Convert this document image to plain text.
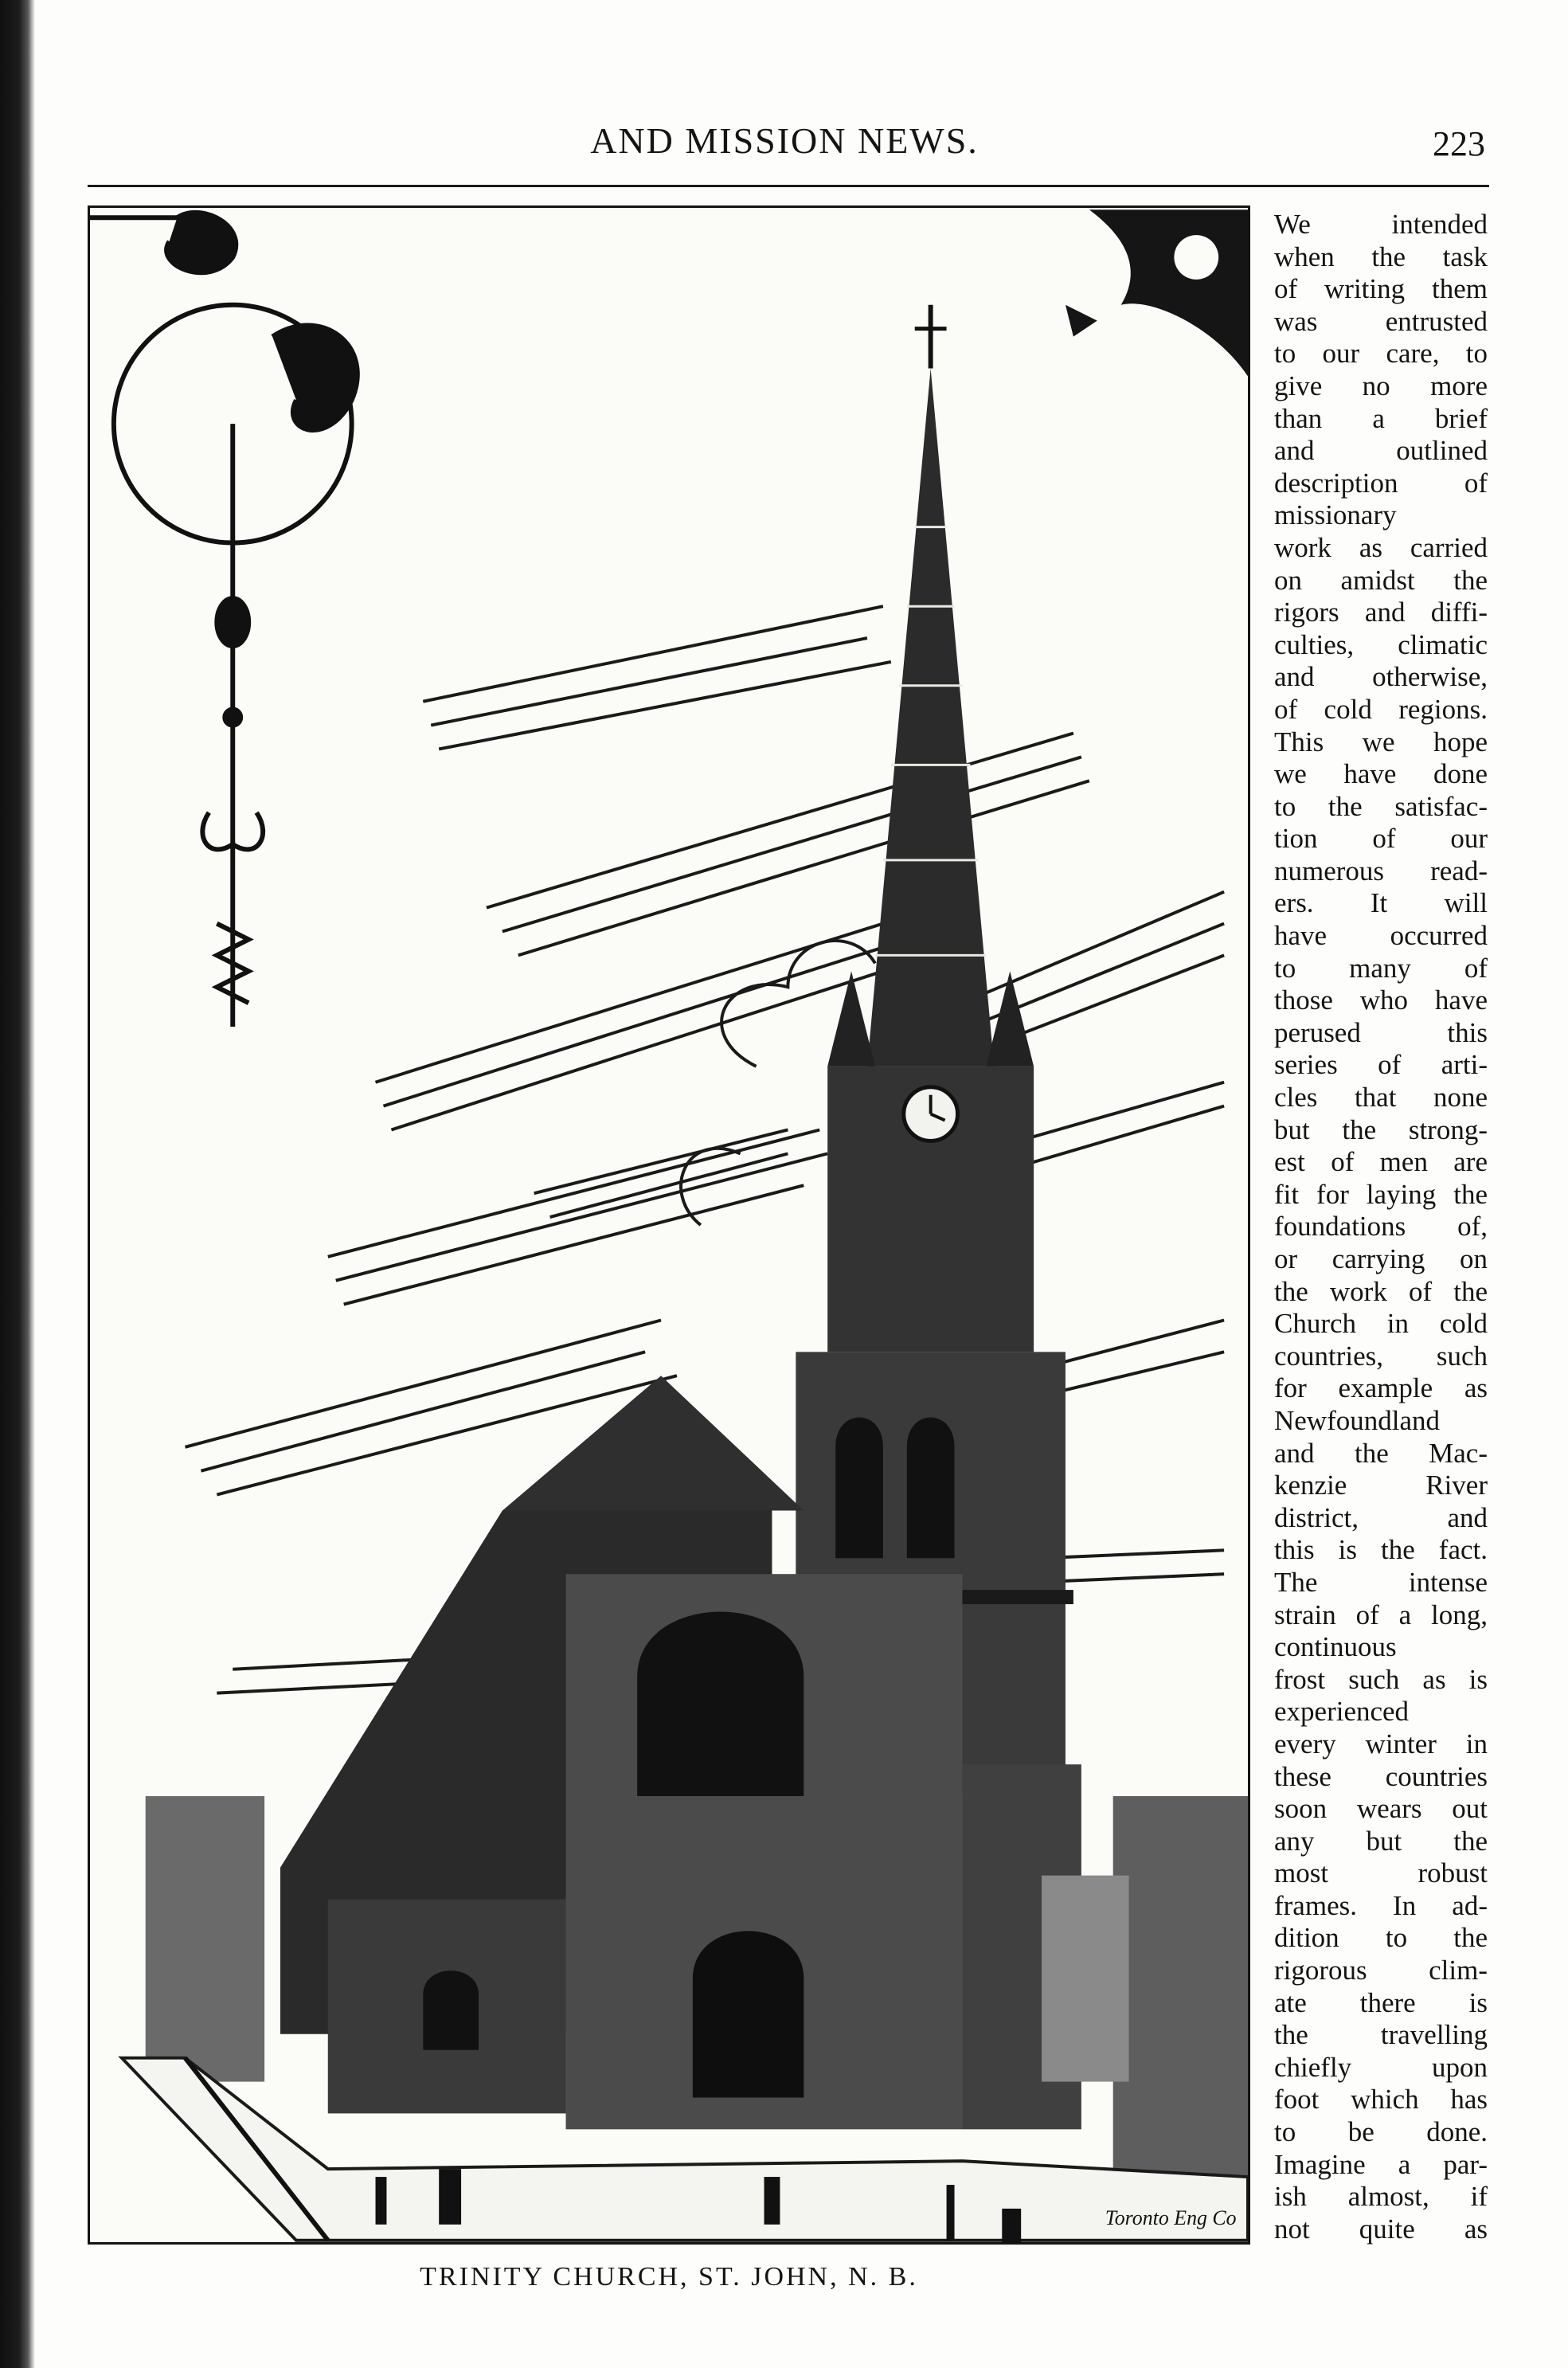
AND MISSION NEWS.	223
Toronto Eng Co
We intended
when the task
of writing them
was entrusted
to our care, to
give no more
than a brief
and outlined
description of
missionary
work as carried
on amidst the
rigors and diffi-
culties, climatic
and otherwise,
of cold regions.
This we hope
we have done
to the satisfac-
tion of our
numerous read-
ers. It will
have occurred
to many of
those who have
perused this
series of arti-
cles that none
but the strong-
est of men are
fit for laying the
foundations of,
or carrying on
the work of the
Church in cold
countries, such
for example as
Newfoundland
and the Mac-
kenzie River
district, and
this is the fact.
The intense
strain of a long,
continuous
frost such as is
experienced
every winter in
these countries
soon wears out
any but the
most robust
frames. In ad-
dition to the
rigorous clim-
ate there is
the travelling
chiefly upon
foot which has
to be done.
Imagine a par-
ish almost, if
not quite as
TRINITY CHURCH, ST. JOHN, N. B.
